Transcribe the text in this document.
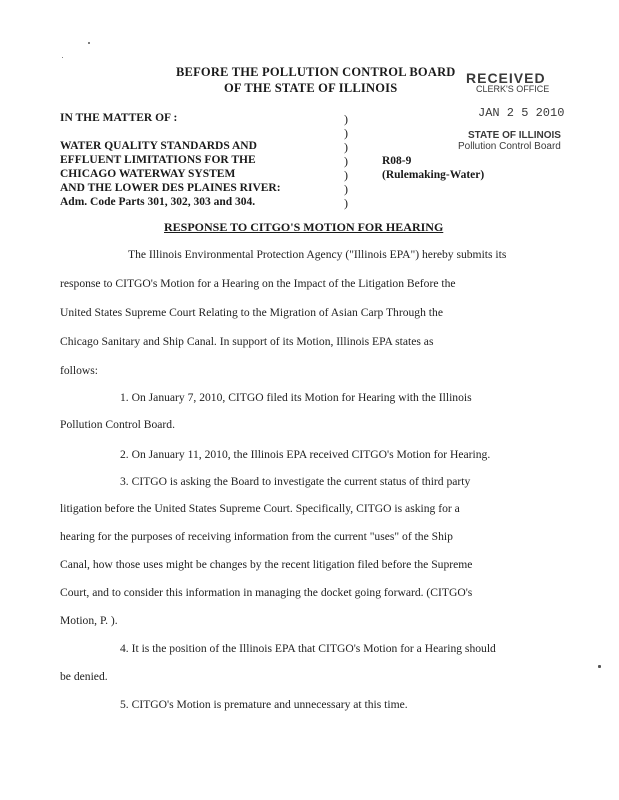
BEFORE THE POLLUTION CONTROL BOARD
OF THE STATE OF ILLINOIS
RECEIVED
CLERK'S OFFICE
JAN 2 5 2010
STATE OF ILLINOIS
Pollution Control Board
IN THE MATTER OF :
WATER QUALITY STANDARDS AND
EFFLUENT LIMITATIONS FOR THE
CHICAGO WATERWAY SYSTEM
AND THE LOWER DES PLAINES RIVER:
Adm. Code Parts 301, 302, 303 and 304.
)
)
)
)
)
)
)
R08-9
(Rulemaking-Water)
RESPONSE TO CITGO'S MOTION FOR HEARING
The Illinois Environmental Protection Agency ("Illinois EPA") hereby submits its
response to CITGO's Motion for a Hearing on the Impact of the Litigation Before the
United States Supreme Court Relating to the Migration of Asian Carp Through the
Chicago Sanitary and Ship Canal. In support of its Motion, Illinois EPA states as
follows:
1. On January 7, 2010, CITGO filed its Motion for Hearing with the Illinois
Pollution Control Board.
2. On January 11, 2010, the Illinois EPA received CITGO's Motion for Hearing.
3. CITGO is asking the Board to investigate the current status of third party
litigation before the United States Supreme Court. Specifically, CITGO is asking for a
hearing for the purposes of receiving information from the current "uses" of the Ship
Canal, how those uses might be changes by the recent litigation filed before the Supreme
Court, and to consider this information in managing the docket going forward. (CITGO's
Motion, P. ).
4. It is the position of the Illinois EPA that CITGO's Motion for a Hearing should
be denied.
5. CITGO's Motion is premature and unnecessary at this time.
